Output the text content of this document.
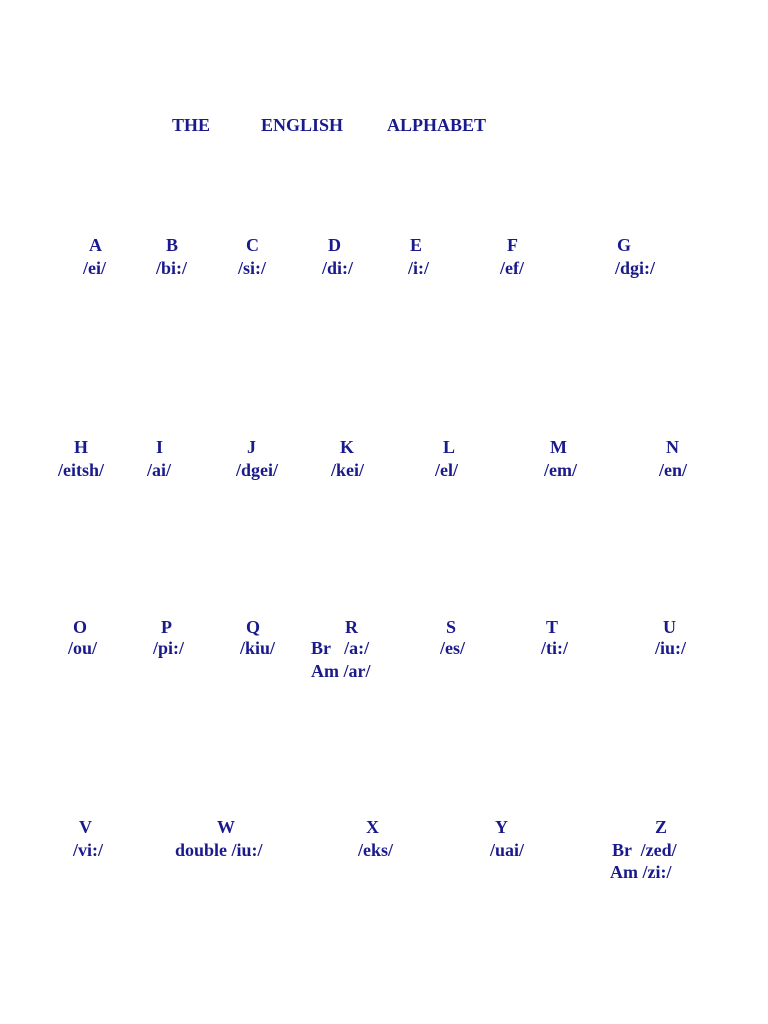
THE	ENGLISH ALPHABET
A
/ei/
B
/bi:/
C
/si:/
D
/di:/
E
/i:/
F
/ef/
G
/dgi:/
H
/eitsh/
I
/ai/
J
/dgei/
K
/kei/
L
/el/
M
/em/
N
/en/
O
/ou/
P
/pi:/
Q
/kiu/
R
Br   /a:/
Am /ar/
S
/es/
T
/ti:/
U
/iu:/
V
/vi:/
W
double /iu:/
X
/eks/
Y
/uai/
Z
Br  /zed/
Am /zi:/
